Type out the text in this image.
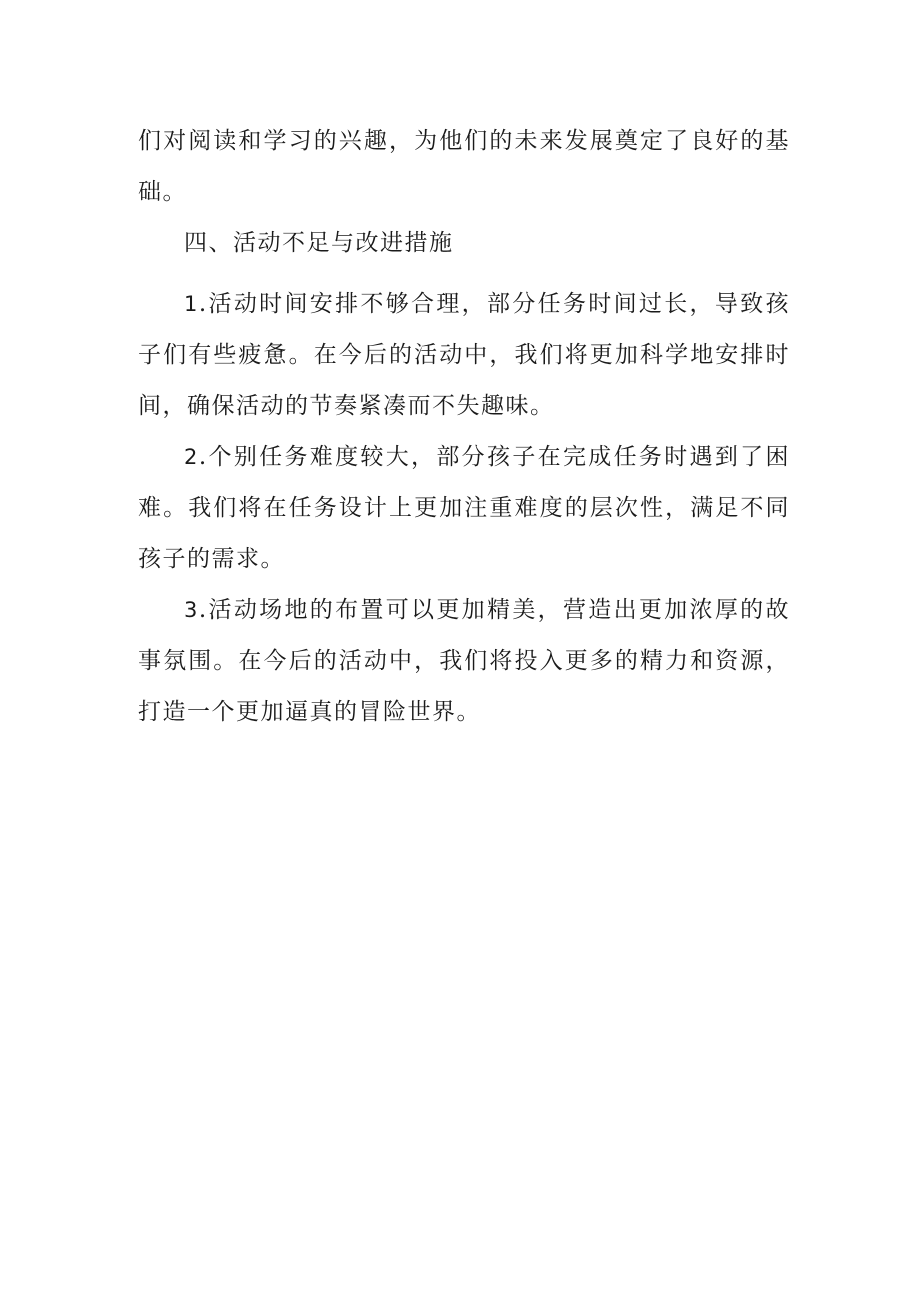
们对阅读和学习的兴趣，为他们的未来发展奠定了良好的基础。

四、活动不足与改进措施

1.活动时间安排不够合理，部分任务时间过长，导致孩子们有些疲惫。在今后的活动中，我们将更加科学地安排时间，确保活动的节奏紧凑而不失趣味。

2.个别任务难度较大，部分孩子在完成任务时遇到了困难。我们将在任务设计上更加注重难度的层次性，满足不同孩子的需求。

3.活动场地的布置可以更加精美，营造出更加浓厚的故事氛围。在今后的活动中，我们将投入更多的精力和资源，打造一个更加逼真的冒险世界。
